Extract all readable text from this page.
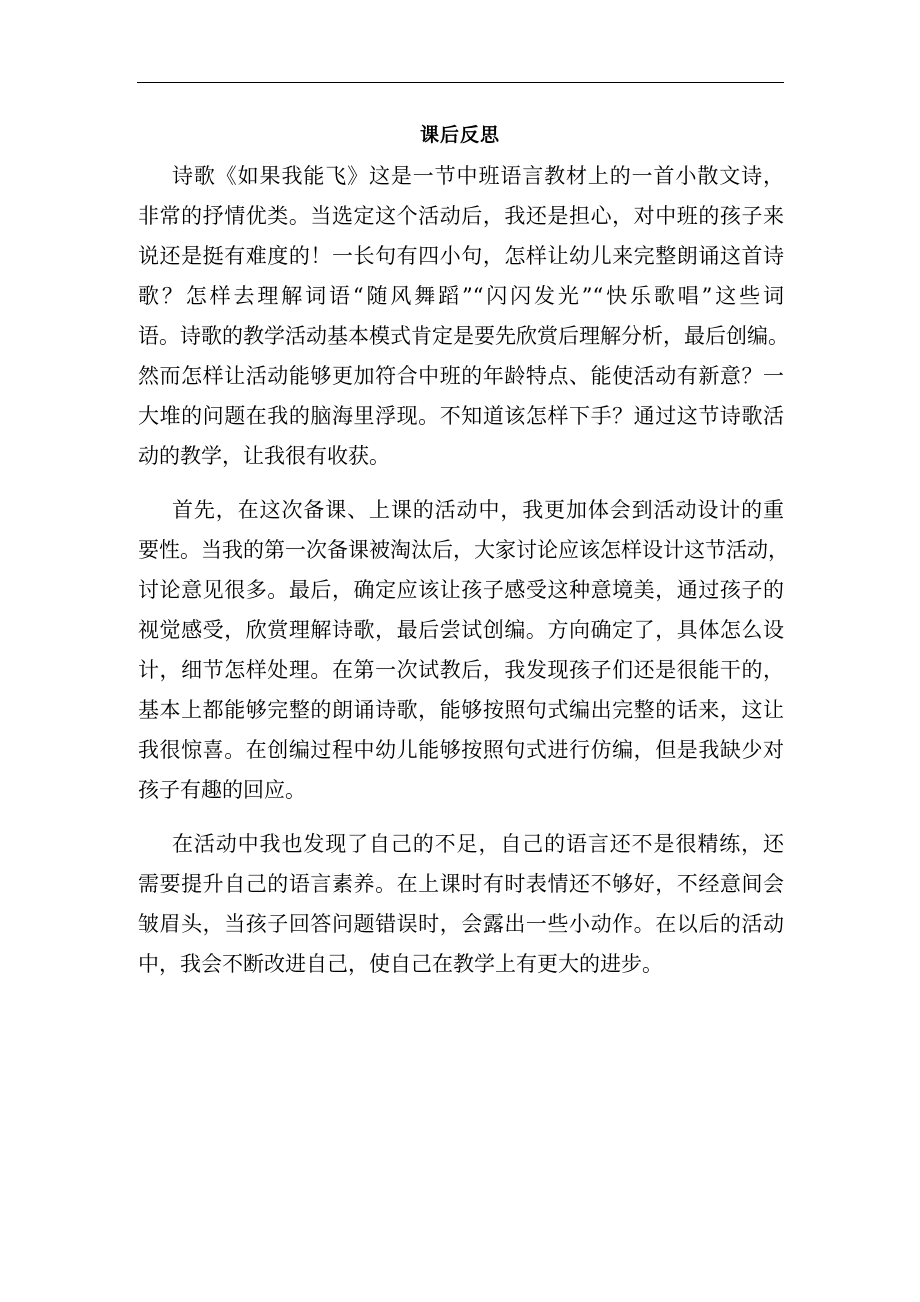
课后反思
诗歌《如果我能飞》这是一节中班语言教材上的一首小散文诗，
非常的抒情优类。当选定这个活动后，我还是担心，对中班的孩子来
说还是挺有难度的！一长句有四小句，怎样让幼儿来完整朗诵这首诗
歌？怎样去理解词语“随风舞蹈”“闪闪发光”“快乐歌唱”这些词
语。诗歌的教学活动基本模式肯定是要先欣赏后理解分析，最后创编。
然而怎样让活动能够更加符合中班的年龄特点、能使活动有新意？一
大堆的问题在我的脑海里浮现。不知道该怎样下手？通过这节诗歌活
动的教学，让我很有收获。
首先，在这次备课、上课的活动中，我更加体会到活动设计的重
要性。当我的第一次备课被淘汰后，大家讨论应该怎样设计这节活动，
讨论意见很多。最后，确定应该让孩子感受这种意境美，通过孩子的
视觉感受，欣赏理解诗歌，最后尝试创编。方向确定了，具体怎么设
计，细节怎样处理。在第一次试教后，我发现孩子们还是很能干的，
基本上都能够完整的朗诵诗歌，能够按照句式编出完整的话来，这让
我很惊喜。在创编过程中幼儿能够按照句式进行仿编，但是我缺少对
孩子有趣的回应。
在活动中我也发现了自己的不足，自己的语言还不是很精练，还
需要提升自己的语言素养。在上课时有时表情还不够好，不经意间会
皱眉头，当孩子回答问题错误时，会露出一些小动作。在以后的活动
中，我会不断改进自己，使自己在教学上有更大的进步。
